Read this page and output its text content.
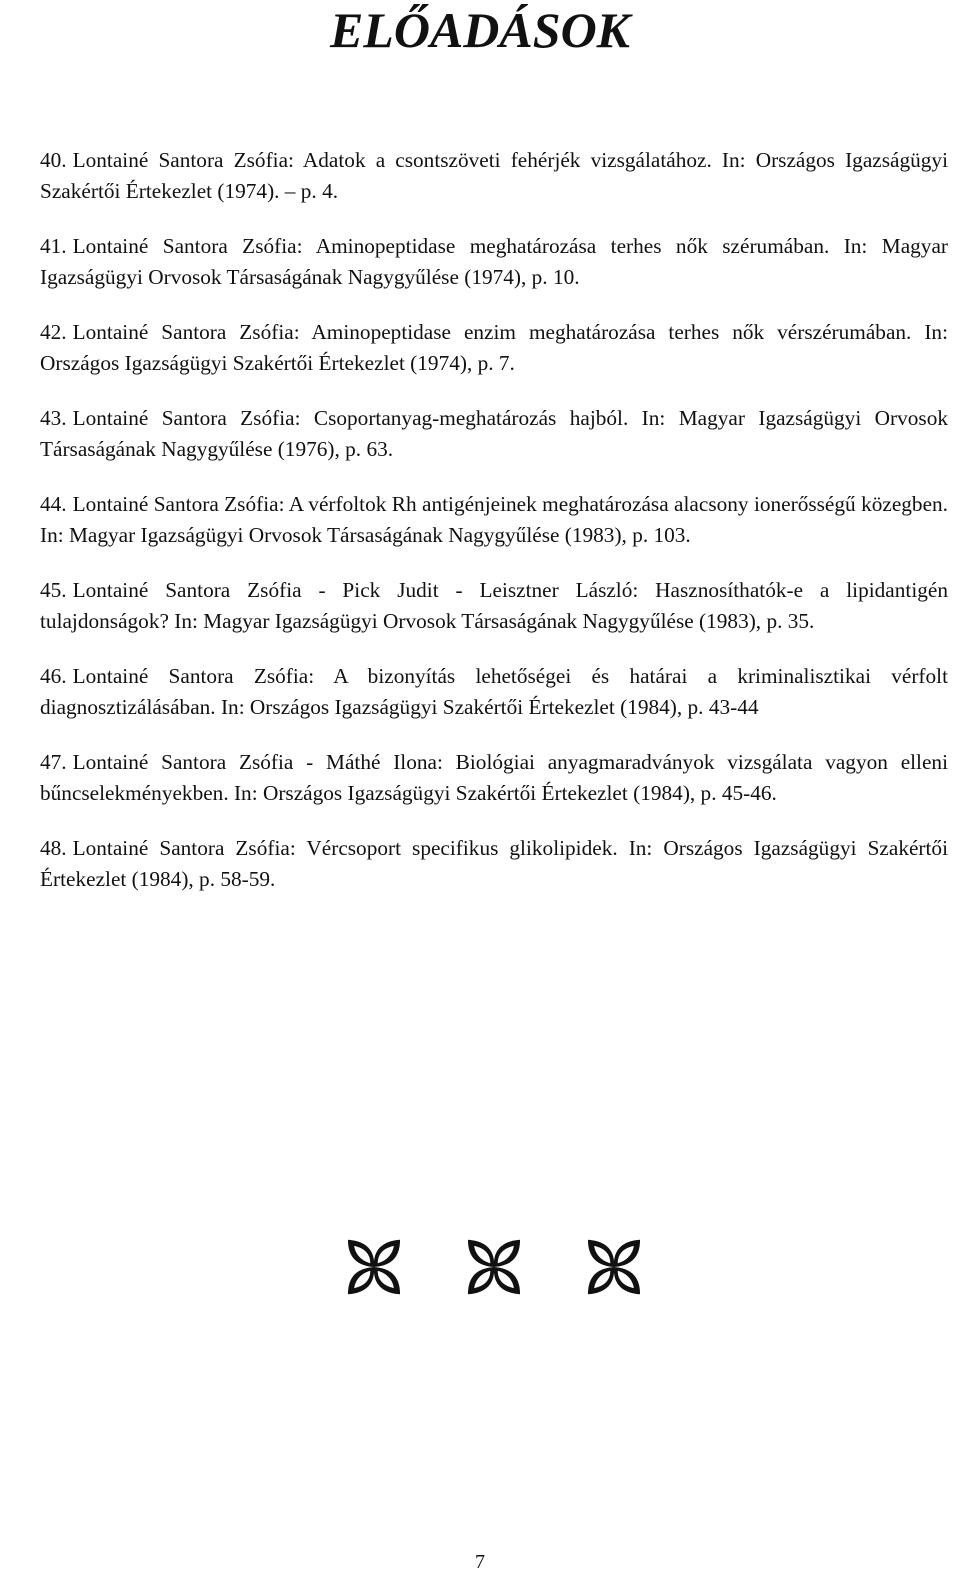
ELŐADÁSOK

40. Lontainé Santora Zsófia: Adatok a csontszöveti fehérjék vizsgálatához. In: Országos Igazságügyi Szakértői Értekezlet (1974). – p. 4.

41. Lontainé Santora Zsófia: Aminopeptidase meghatározása terhes nők szérumában. In: Magyar Igazságügyi Orvosok Társaságának Nagygyűlése (1974), p. 10.

42. Lontainé Santora Zsófia: Aminopeptidase enzim meghatározása terhes nők vérszérumában. In: Országos Igazságügyi Szakértői Értekezlet (1974), p. 7.

43. Lontainé Santora Zsófia: Csoportanyag-meghatározás hajból. In: Magyar Igazságügyi Orvosok Társaságának Nagygyűlése (1976), p. 63.

44. Lontainé Santora Zsófia: A vérfoltok Rh antigénjeinek meghatározása alacsony ionerősségű közegben. In: Magyar Igazságügyi Orvosok Társaságának Nagygyűlése (1983), p. 103.

45. Lontainé Santora Zsófia - Pick Judit - Leisztner László: Hasznosíthatók-e a lipidantigén tulajdonságok? In: Magyar Igazságügyi Orvosok Társaságának Nagygyűlése (1983), p. 35.

46. Lontainé Santora Zsófia: A bizonyítás lehetőségei és határai a kriminalisztikai vérfolt diagnosztizálásában. In: Országos Igazságügyi Szakértői Értekezlet (1984), p. 43-44

47. Lontainé Santora Zsófia - Máthé Ilona: Biológiai anyagmaradványok vizsgálata vagyon elleni bűncselekményekben. In: Országos Igazságügyi Szakértői Értekezlet (1984), p. 45-46.

48. Lontainé Santora Zsófia: Vércsoport specifikus glikolipidek. In: Országos Igazságügyi Szakértői Értekezlet (1984), p. 58-59.

7
